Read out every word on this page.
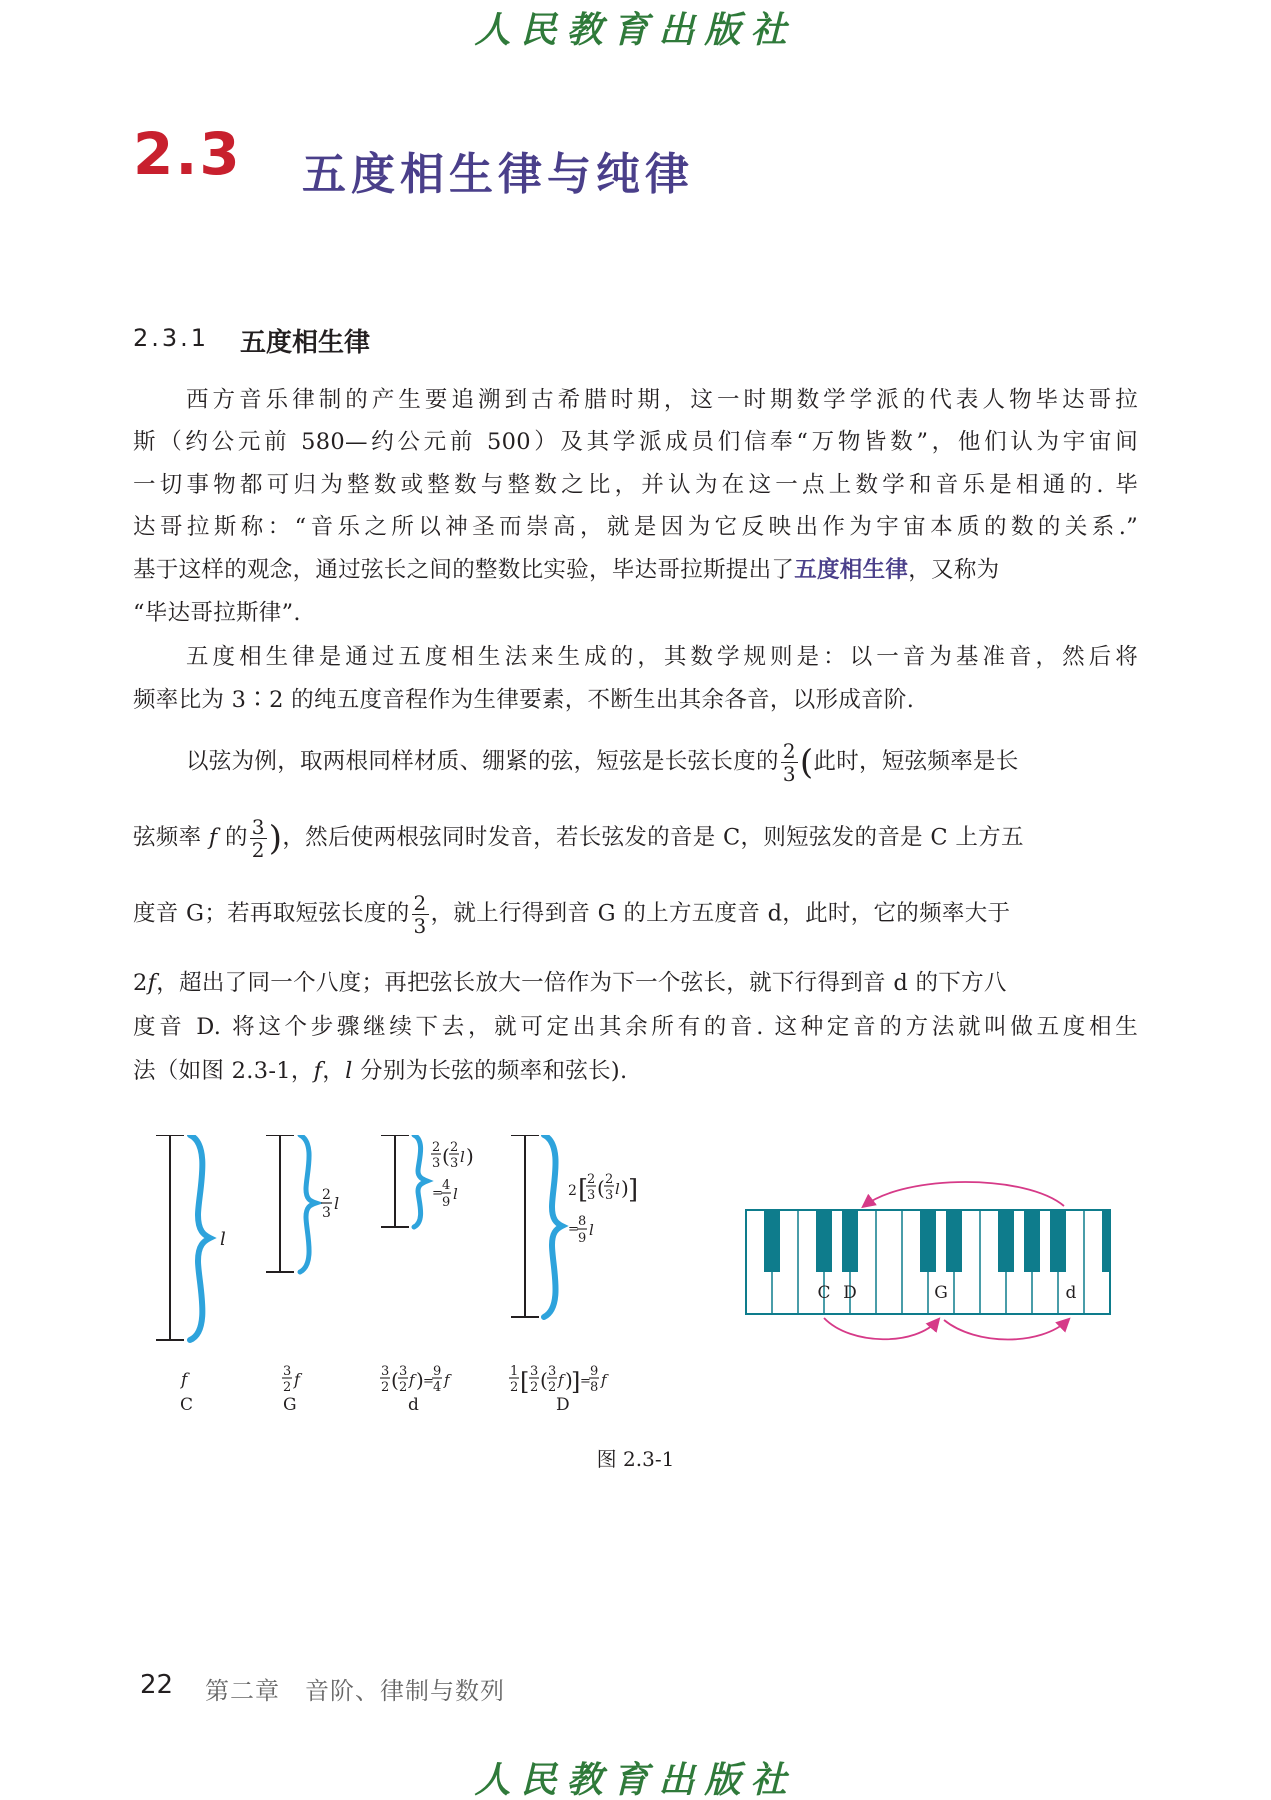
人民教育出版社
2.3 五度相生律与纯律
2.3.1 五度相生律
西方音乐律制的产生要追溯到古希腊时期，这一时期数学学派的代表人物毕达哥拉
斯（约公元前 580—约公元前 500）及其学派成员们信奉“万物皆数”，他们认为宇宙间
一切事物都可归为整数或整数与整数之比，并认为在这一点上数学和音乐是相通的. 毕
达哥拉斯称：“音乐之所以神圣而崇高，就是因为它反映出作为宇宙本质的数的关系.”
基于这样的观念，通过弦长之间的整数比实验，毕达哥拉斯提出了五度相生律，又称为
“毕达哥拉斯律”.
五度相生律是通过五度相生法来生成的，其数学规则是：以一音为基准音，然后将
频率比为 3∶2 的纯五度音程作为生律要素，不断生出其余各音，以形成音阶.
以弦为例，取两根同样材质、绷紧的弦，短弦是长弦长度的 $\frac{2}{3}$ (此时，短弦频率是长
弦频率 f 的 $\frac{3}{2}$ )，然后使两根弦同时发音，若长弦发的音是 C，则短弦发的音是 C 上方五
度音 G；若再取短弦长度的 $\frac{2}{3}$ ，就上行得到音 G 的上方五度音 d，此时，它的频率大于
2f，超出了同一个八度；再把弦长放大一倍作为下一个弦长，就下行得到音 d 的下方八
度音 D. 将这个步骤继续下去，就可定出其余所有的音. 这种定音的方法就叫做五度相生
法（如图 2.3-1，f，l 分别为长弦的频率和弦长).
l
2
3 l
2
3 ( 2
3 l )
=
4
9 l	2 [
2
3 ( 2
3 l ) ]
=
8
9 l
f
C
3
2 f
G
3
2 ( 3
2 f ) =
9
4 f
d
1
2 [ 3
2 ( 3
2 f )
] =
9
8 f
D
C D	G	d
图 2.3-1
22 第二章　音阶、律制与数列
人民教育出版社
